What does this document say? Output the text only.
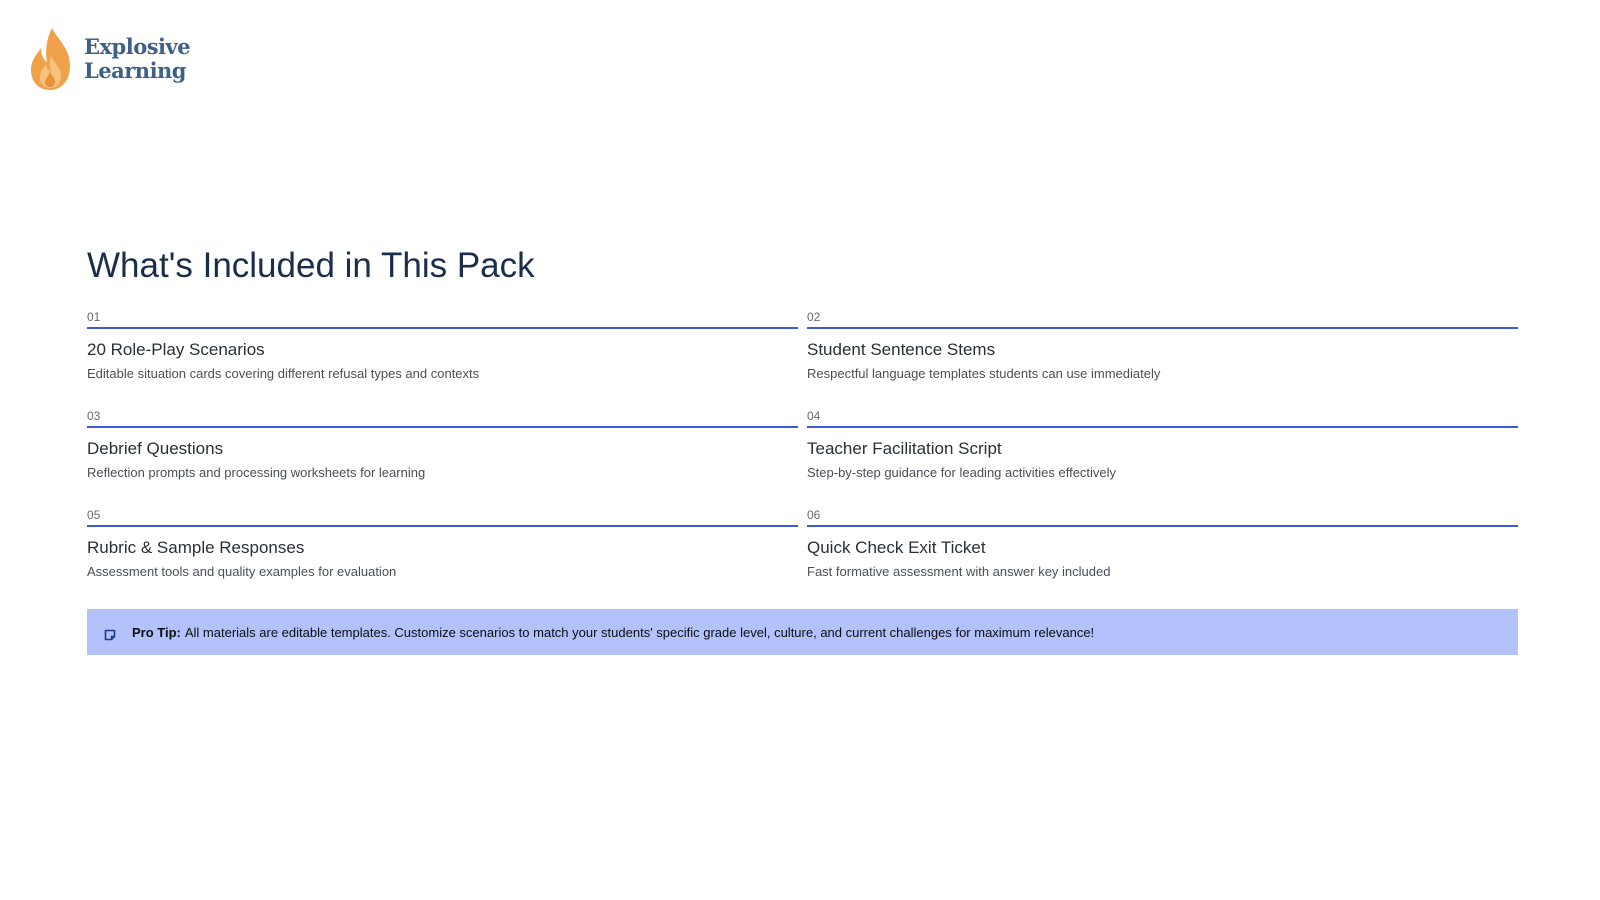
Explosive
Learning
What's Included in This Pack
01
20 Role-Play Scenarios
Editable situation cards covering different refusal types and contexts
02
Student Sentence Stems
Respectful language templates students can use immediately
03
Debrief Questions
Reflection prompts and processing worksheets for learning
04
Teacher Facilitation Script
Step-by-step guidance for leading activities effectively
05
Rubric & Sample Responses
Assessment tools and quality examples for evaluation
06
Quick Check Exit Ticket
Fast formative assessment with answer key included
Pro Tip: All materials are editable templates. Customize scenarios to match your students' specific grade level, culture, and current challenges for maximum relevance!
